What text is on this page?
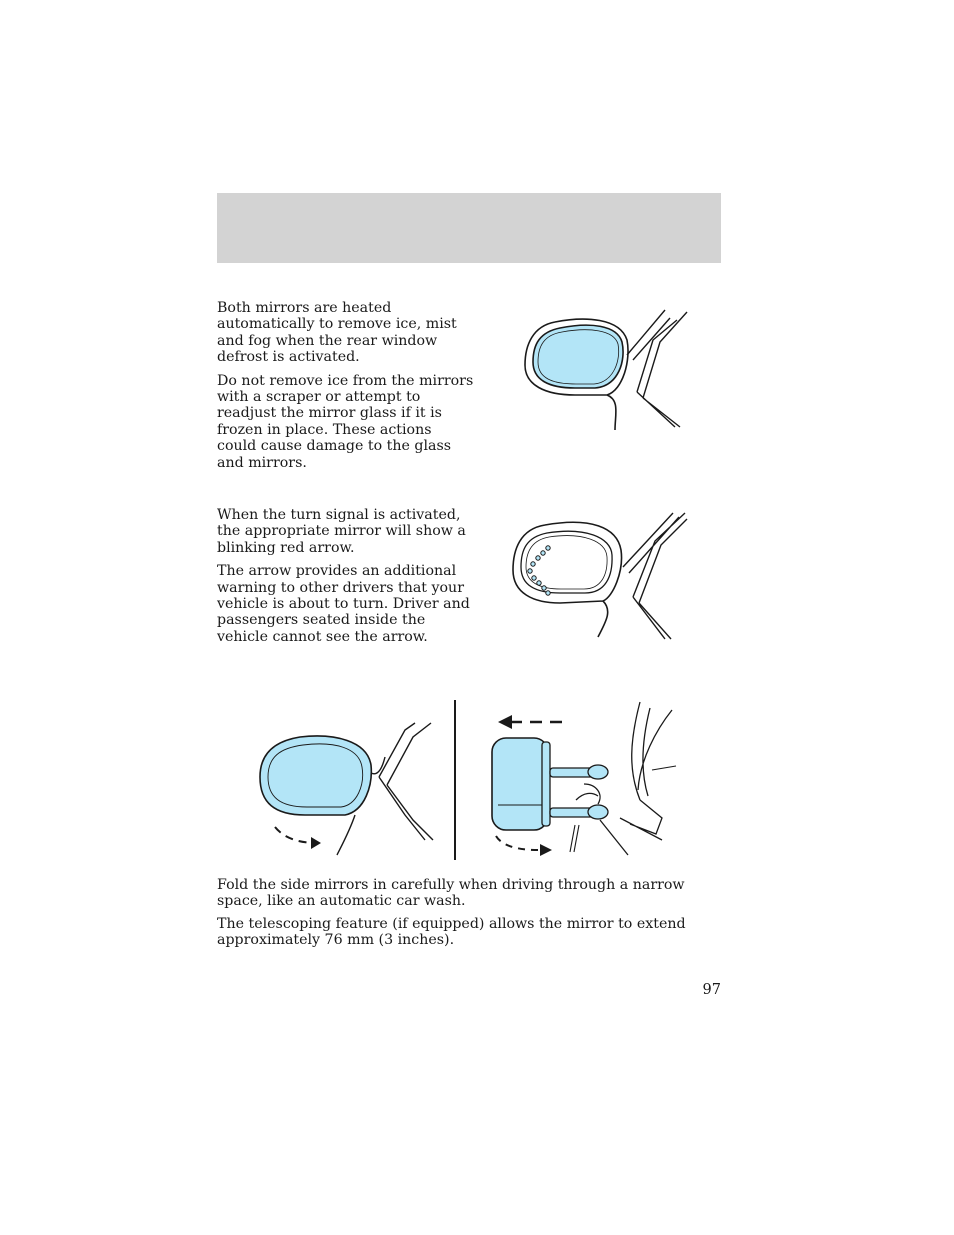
Both mirrors are heated automatically to remove ice, mist and fog when the rear window defrost is activated.

Do not remove ice from the mirrors with a scraper or attempt to readjust the mirror glass if it is frozen in place. These actions could cause damage to the glass and mirrors.

When the turn signal is activated, the appropriate mirror will show a blinking red arrow.

The arrow provides an additional warning to other drivers that your vehicle is about to turn. Driver and passengers seated inside the vehicle cannot see the arrow.

Fold the side mirrors in carefully when driving through a narrow space, like an automatic car wash.

The telescoping feature (if equipped) allows the mirror to extend approximately 76 mm (3 inches).

97
